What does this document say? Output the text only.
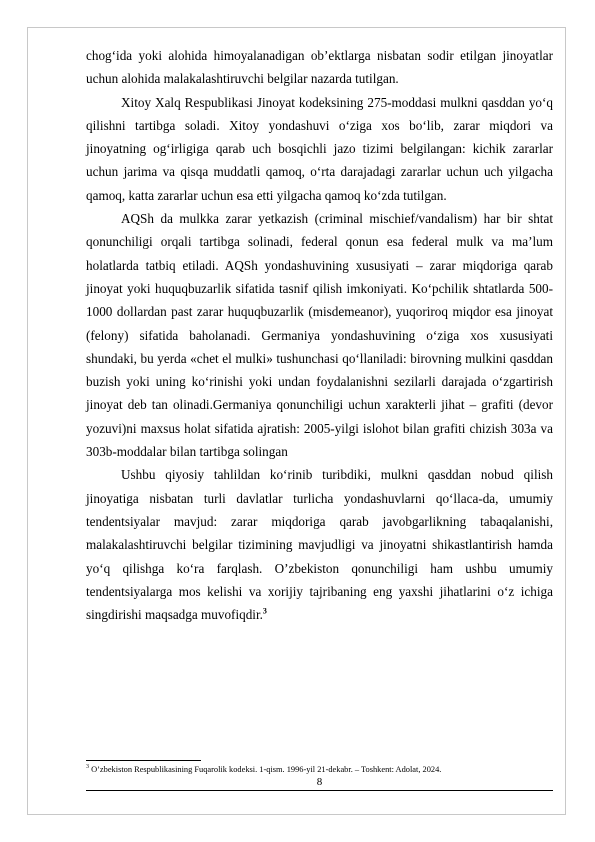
chog‘ida yoki alohida himoyalanadigan ob’ektlarga nisbatan sodir etilgan jinoyatlar uchun alohida malakalashtiruvchi belgilar nazarda tutilgan.

Xitoy Xalq Respublikasi Jinoyat kodeksining 275-moddasi mulkni qasddan yo‘q qilishni tartibga soladi. Xitoy yondashuvi o‘ziga xos bo‘lib, zarar miqdori va jinoyatning og‘irligiga qarab uch bosqichli jazo tizimi belgilangan: kichik zararlar uchun jarima va qisqa muddatli qamoq, o‘rta darajadagi zararlar uchun uch yilgacha qamoq, katta zararlar uchun esa etti yilgacha qamoq ko‘zda tutilgan.

AQSh da mulkka zarar yetkazish (criminal mischief/vandalism) har bir shtat qonunchiligi orqali tartibga solinadi, federal qonun esa federal mulk va ma’lum holatlarda tatbiq etiladi. AQSh yondashuvining xususiyati – zarar miqdoriga qarab jinoyat yoki huquqbuzarlik sifatida tasnif qilish imkoniyati. Ko‘pchilik shtatlarda 500-1000 dollardan past zarar huquqbuzarlik (misdemeanor), yuqoriroq miqdor esa jinoyat (felony) sifatida baholanadi. Germaniya yondashuvining o‘ziga xos xususiyati shundaki, bu yerda «chet el mulki» tushunchasi qo‘llaniladi: birovning mulkini qasddan buzish yoki uning ko‘rinishi yoki undan foydalanishni sezilarli darajada o‘zgartirish jinoyat deb tan olinadi.Germaniya qonunchiligi uchun xarakterli jihat – grafiti (devor yozuvi)ni maxsus holat sifatida ajratish: 2005-yilgi islohot bilan grafiti chizish 303a va 303b-moddalar bilan tartibga solingan

Ushbu qiyosiy tahlildan ko‘rinib turibdiki, mulkni qasddan nobud qilish jinoyatiga nisbatan turli davlatlar turlicha yondashuvlarni qo‘llaca-da, umumiy tendentsiyalar mavjud: zarar miqdoriga qarab javobgarlikning tabaqalanishi, malakalashtiruvchi belgilar tizimining mavjudligi va jinoyatni shikastlantirish hamda yo‘q qilishga ko‘ra farqlash. O’zbekiston qonunchiligi ham ushbu umumiy tendentsiyalarga mos kelishi va xorijiy tajribaning eng yaxshi jihatlarini o‘z ichiga singdirishi maqsadga muvofiqdir.$^3$

$^3$ O’zbekiston Respublikasining Fuqarolik kodeksi. 1-qism. 1996-yil 21-dekabr. – Toshkent: Adolat, 2024.
8
